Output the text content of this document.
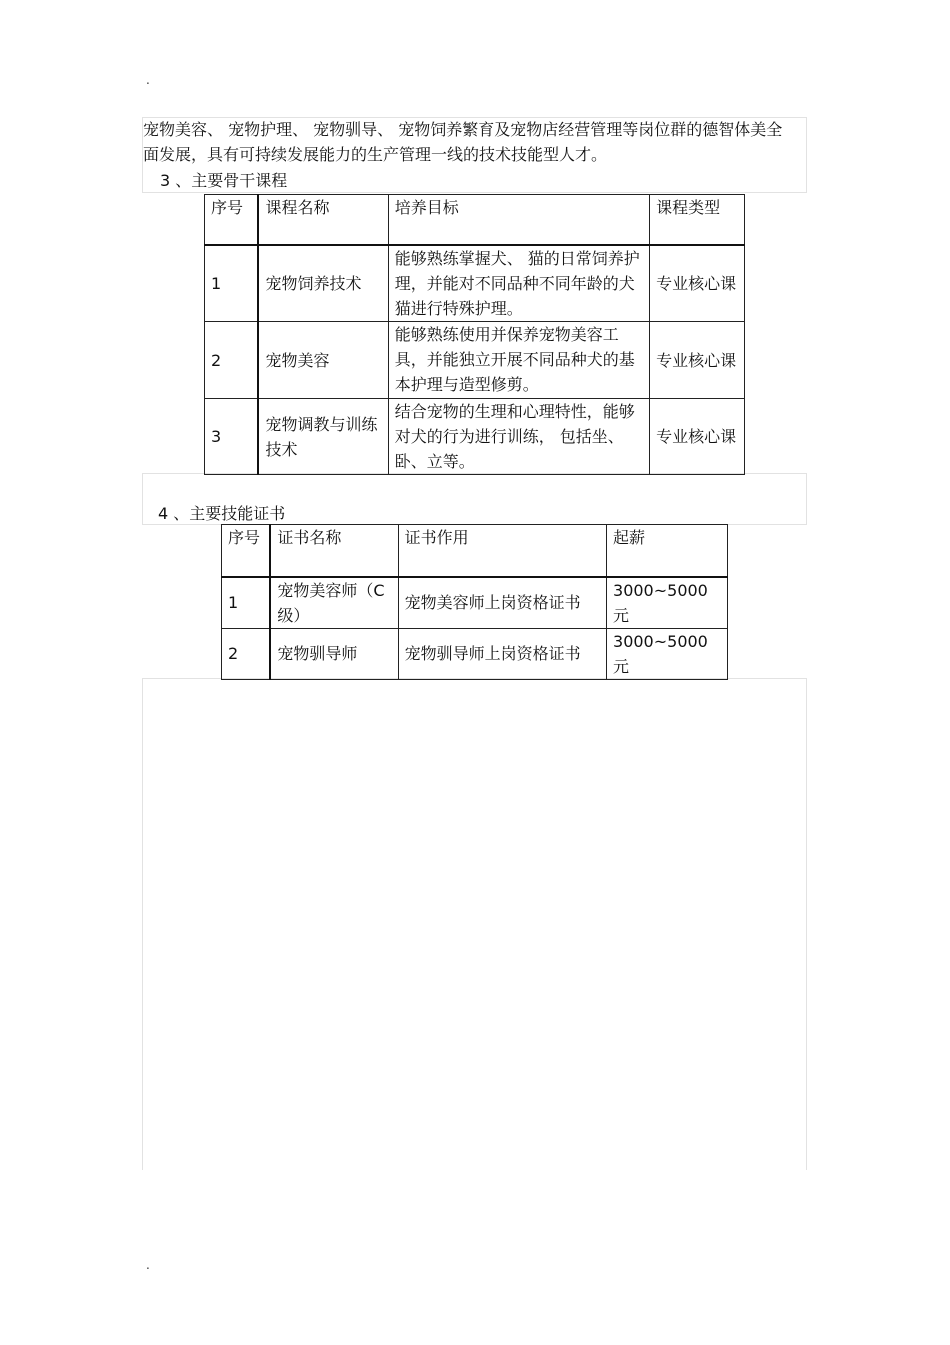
.
宠物美容、 宠物护理、 宠物驯导、 宠物饲养繁育及宠物店经营管理等岗位群的德智体美全面发展，具有可持续发展能力的生产管理一线的技术技能型人才。
3 、主要骨干课程
序号	课程名称	培养目标	课程类型
1	宠物饲养技术	能够熟练掌握犬、 猫的日常饲养护理，并能对不同品种不同年龄的犬猫进行特殊护理。	专业核心课
2	宠物美容	能够熟练使用并保养宠物美容工具，并能独立开展不同品种犬的基本护理与造型修剪。	专业核心课
3	宠物调教与训练技术	结合宠物的生理和心理特性，能够对犬的行为进行训练， 包括坐、卧、立等。	专业核心课
4 、主要技能证书
序号	证书名称	证书作用	起薪
1	宠物美容师（C级）	宠物美容师上岗资格证书	3000~5000元
2	宠物驯导师	宠物驯导师上岗资格证书	3000~5000元
.
